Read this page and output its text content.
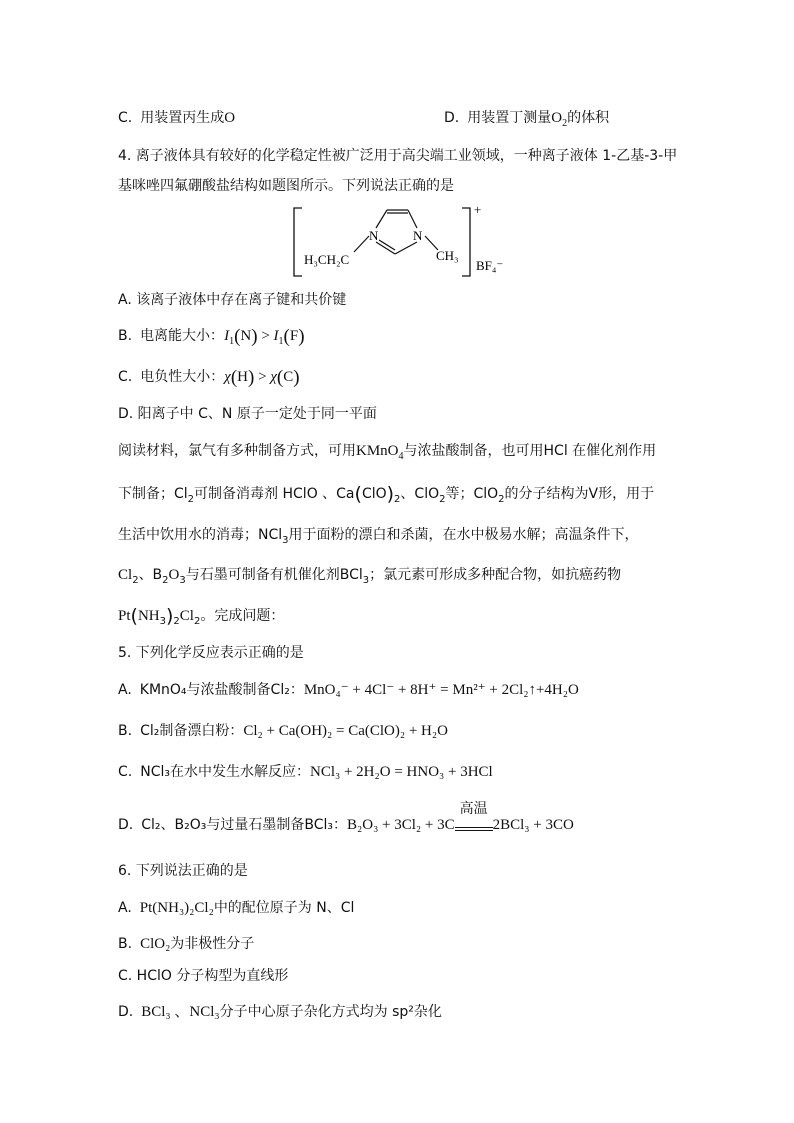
C. 用装置丙生成O	D. 用装置丁测量$O_2$的体积
4. 离子液体具有较好的化学稳定性被广泛用于高尖端工业领域，一种离子液体 1-乙基-3-甲
基咪唑四氟硼酸盐结构如题图所示。下列说法正确的是
+
N	N
H₃CH₂C	CH₃
BF₄⁻
A. 该离子液体中存在离子键和共价键
B. 电离能大小：$I_1(N) > I_1(F)$
C. 电负性大小：χ(H) > χ(C)
D. 阳离子中 C、N 原子一定处于同一平面
阅读材料，氯气有多种制备方式，可用KMnO$_4$与浓盐酸制备，也可用HCl 在催化剂作用
下制备；$Cl_2$可制备消毒剂 HClO 、$Ca(ClO)_2$、ClO$_2$等；ClO$_2$的分子结构为V形，用于
生活中饮用水的消毒；NCl$_3$用于面粉的漂白和杀菌，在水中极易水解；高温条件下，
$Cl_2$、$B_2O_3$与石墨可制备有机催化剂BCl$_3$；氯元素可形成多种配合物，如抗癌药物
$Pt(NH_3)_2Cl_2$。完成问题：
5. 下列化学反应表示正确的是
A. KMnO₄与浓盐酸制备Cl₂：MnO₄⁻ + 4Cl⁻ + 8H⁺ = Mn²⁺ + 2Cl₂↑+4H₂O
B. Cl₂制备漂白粉：Cl₂ + Ca(OH)₂ = Ca(ClO)₂ + H₂O
C. NCl₃在水中发生水解反应：NCl₃ + 2H₂O = HNO₃ + 3HCl
D. Cl₂、B₂O₃与过量石墨制备BCl₃：B₂O₃ + 3Cl₂ + 3C
高温
2BCl₃ + 3CO
6. 下列说法正确的是
A. Pt(NH₃)₂Cl₂中的配位原子为 N、Cl
B. ClO₂为非极性分子
C. HClO 分子构型为直线形
D. BCl₃ 、NCl₃分子中心原子杂化方式均为 sp²杂化
